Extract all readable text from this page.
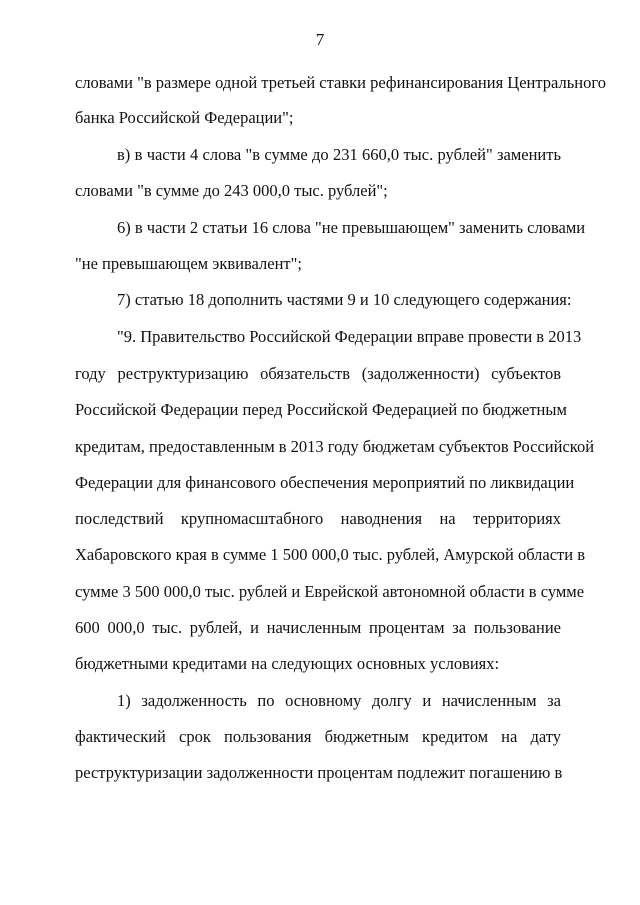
7
словами "в размере одной третьей ставки рефинансирования Центрального
банка Российской Федерации";
в) в части 4 слова "в сумме до 231 660,0 тыс. рублей" заменить
словами "в сумме до 243 000,0 тыс. рублей";
6) в части 2 статьи 16 слова "не превышающем" заменить словами
"не превышающем эквивалент";
7) статью 18 дополнить частями 9 и 10 следующего содержания:
"9. Правительство Российской Федерации вправе провести в 2013
году реструктуризацию обязательств (задолженности) субъектов
Российской Федерации перед Российской Федерацией по бюджетным
кредитам, предоставленным в 2013 году бюджетам субъектов Российской
Федерации для финансового обеспечения мероприятий по ликвидации
последствий крупномасштабного наводнения на территориях
Хабаровского края в сумме 1 500 000,0 тыс. рублей, Амурской области в
сумме 3 500 000,0 тыс. рублей и Еврейской автономной области в сумме
600 000,0 тыс. рублей, и начисленным процентам за пользование
бюджетными кредитами на следующих основных условиях:
1) задолженность по основному долгу и начисленным за
фактический срок пользования бюджетным кредитом на дату
реструктуризации задолженности процентам подлежит погашению в
